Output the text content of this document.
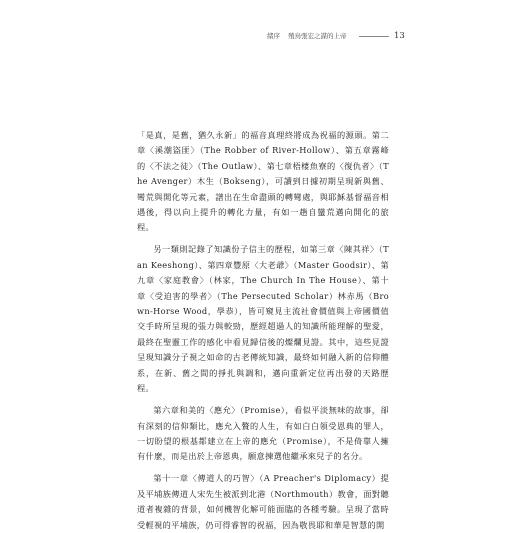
緒序 殖鳥張宏之謀的上帝	13

「是真，是舊，猶久永新」的福音真理終將成為祝福的源頭。第二章〈溪潮盜匪〉（The Robber of River-Hollow）、第五章霧峰的〈不法之徒〉（The Outlaw）、第七章梧棲魚寮的〈復仇者〉（The Avenger）木生（Bokseng），可讀到日據初期呈現新與舊、彎荒與開化等元素，譜出在生命盡頭的轉彎處，與耶穌基督福音相遇後，得以向上提升的轉化力量，有如一趟自蠻荒邁向開化的旅程。

另一類則記錄了知識份子信主的歷程，如第三章〈陳其祥〉（Tan Keeshong）、第四章豐原〈大老爺〉（Master Goodsir）、第九章〈家庭教會〉（林家，The Church In The House）、第十章〈受迫害的學者〉（The Persecuted Scholar）林赤馬（Brown-Horse Wood，學恭），皆可窺見主流社會價值與上帝國價值交手時所呈現的張力與較勁，歷經超過人的知識所能理解的聖愛，最終在聖靈工作的感化中看見歸信後的燦爛見證。其中，這些見證呈現知識分子視之如命的古老傳統知識，最終如何融入新的信仰體系，在新、舊之間的掙扎與調和，邁向重新定位再出發的天路歷程。

第六章和美的〈應允〉（Promise），看似平淡無味的故事，卻有深刻的信仰類比，應允入贅的人生，有如白白領受恩典的罪人，一切盼望的根基都建立在上帝的應允（Promise），不是倚靠人擁有什麼，而是出於上帝恩典，願意揀選他繼承來兒子的名分。

第十一章〈傳道人的巧智〉（A Preacher's Diplomacy）提及平埔族傳道人宋先生被派到北港（Northmouth）教會，面對聽道者複雜的背景，如何機智化解可能面臨的各種考驗。呈現了當時受輕視的平埔族，仍可得睿智的祝福，因為敬畏耶和華是智慧的開
